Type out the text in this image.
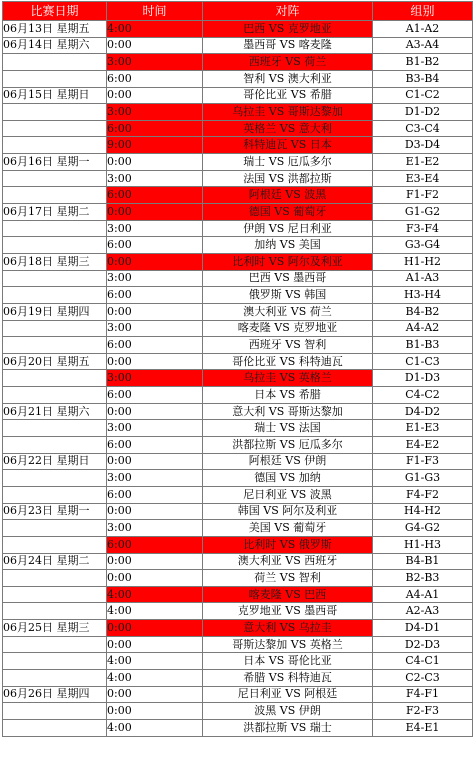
比赛日期	时间	对阵	组别
06月13日 星期五	4:00	巴西 VS 克罗地亚	A1-A2
06月14日 星期六	0:00	墨西哥 VS 喀麦隆	A3-A4
	3:00	西班牙 VS 荷兰	B1-B2
	6:00	智利 VS 澳大利亚	B3-B4
06月15日 星期日	0:00	哥伦比亚 VS 希腊	C1-C2
	3:00	乌拉圭 VS 哥斯达黎加	D1-D2
	6:00	英格兰 VS 意大利	C3-C4
	9:00	科特迪瓦 VS 日本	D3-D4
06月16日 星期一	0:00	瑞士 VS 厄瓜多尔	E1-E2
	3:00	法国 VS 洪都拉斯	E3-E4
	6:00	阿根廷 VS 波黑	F1-F2
06月17日 星期二	0:00	德国 VS 葡萄牙	G1-G2
	3:00	伊朗 VS 尼日利亚	F3-F4
	6:00	加纳 VS 美国	G3-G4
06月18日 星期三	0:00	比利时 VS 阿尔及利亚	H1-H2
	3:00	巴西 VS 墨西哥	A1-A3
	6:00	俄罗斯 VS 韩国	H3-H4
06月19日 星期四	0:00	澳大利亚 VS 荷兰	B4-B2
	3:00	喀麦隆 VS 克罗地亚	A4-A2
	6:00	西班牙 VS 智利	B1-B3
06月20日 星期五	0:00	哥伦比亚 VS 科特迪瓦	C1-C3
	3:00	乌拉圭 VS 英格兰	D1-D3
	6:00	日本 VS 希腊	C4-C2
06月21日 星期六	0:00	意大利 VS 哥斯达黎加	D4-D2
	3:00	瑞士 VS 法国	E1-E3
	6:00	洪都拉斯 VS 厄瓜多尔	E4-E2
06月22日 星期日	0:00	阿根廷 VS 伊朗	F1-F3
	3:00	德国 VS 加纳	G1-G3
	6:00	尼日利亚 VS 波黑	F4-F2
06月23日 星期一	0:00	韩国 VS 阿尔及利亚	H4-H2
	3:00	美国 VS 葡萄牙	G4-G2
	6:00	比利时 VS 俄罗斯	H1-H3
06月24日 星期二	0:00	澳大利亚 VS 西班牙	B4-B1
	0:00	荷兰 VS 智利	B2-B3
	4:00	喀麦隆 VS 巴西	A4-A1
	4:00	克罗地亚 VS 墨西哥	A2-A3
06月25日 星期三	0:00	意大利 VS 乌拉圭	D4-D1
	0:00	哥斯达黎加 VS 英格兰	D2-D3
	4:00	日本 VS 哥伦比亚	C4-C1
	4:00	希腊 VS 科特迪瓦	C2-C3
06月26日 星期四	0:00	尼日利亚 VS 阿根廷	F4-F1
	0:00	波黑 VS 伊朗	F2-F3
	4:00	洪都拉斯 VS 瑞士	E4-E1
